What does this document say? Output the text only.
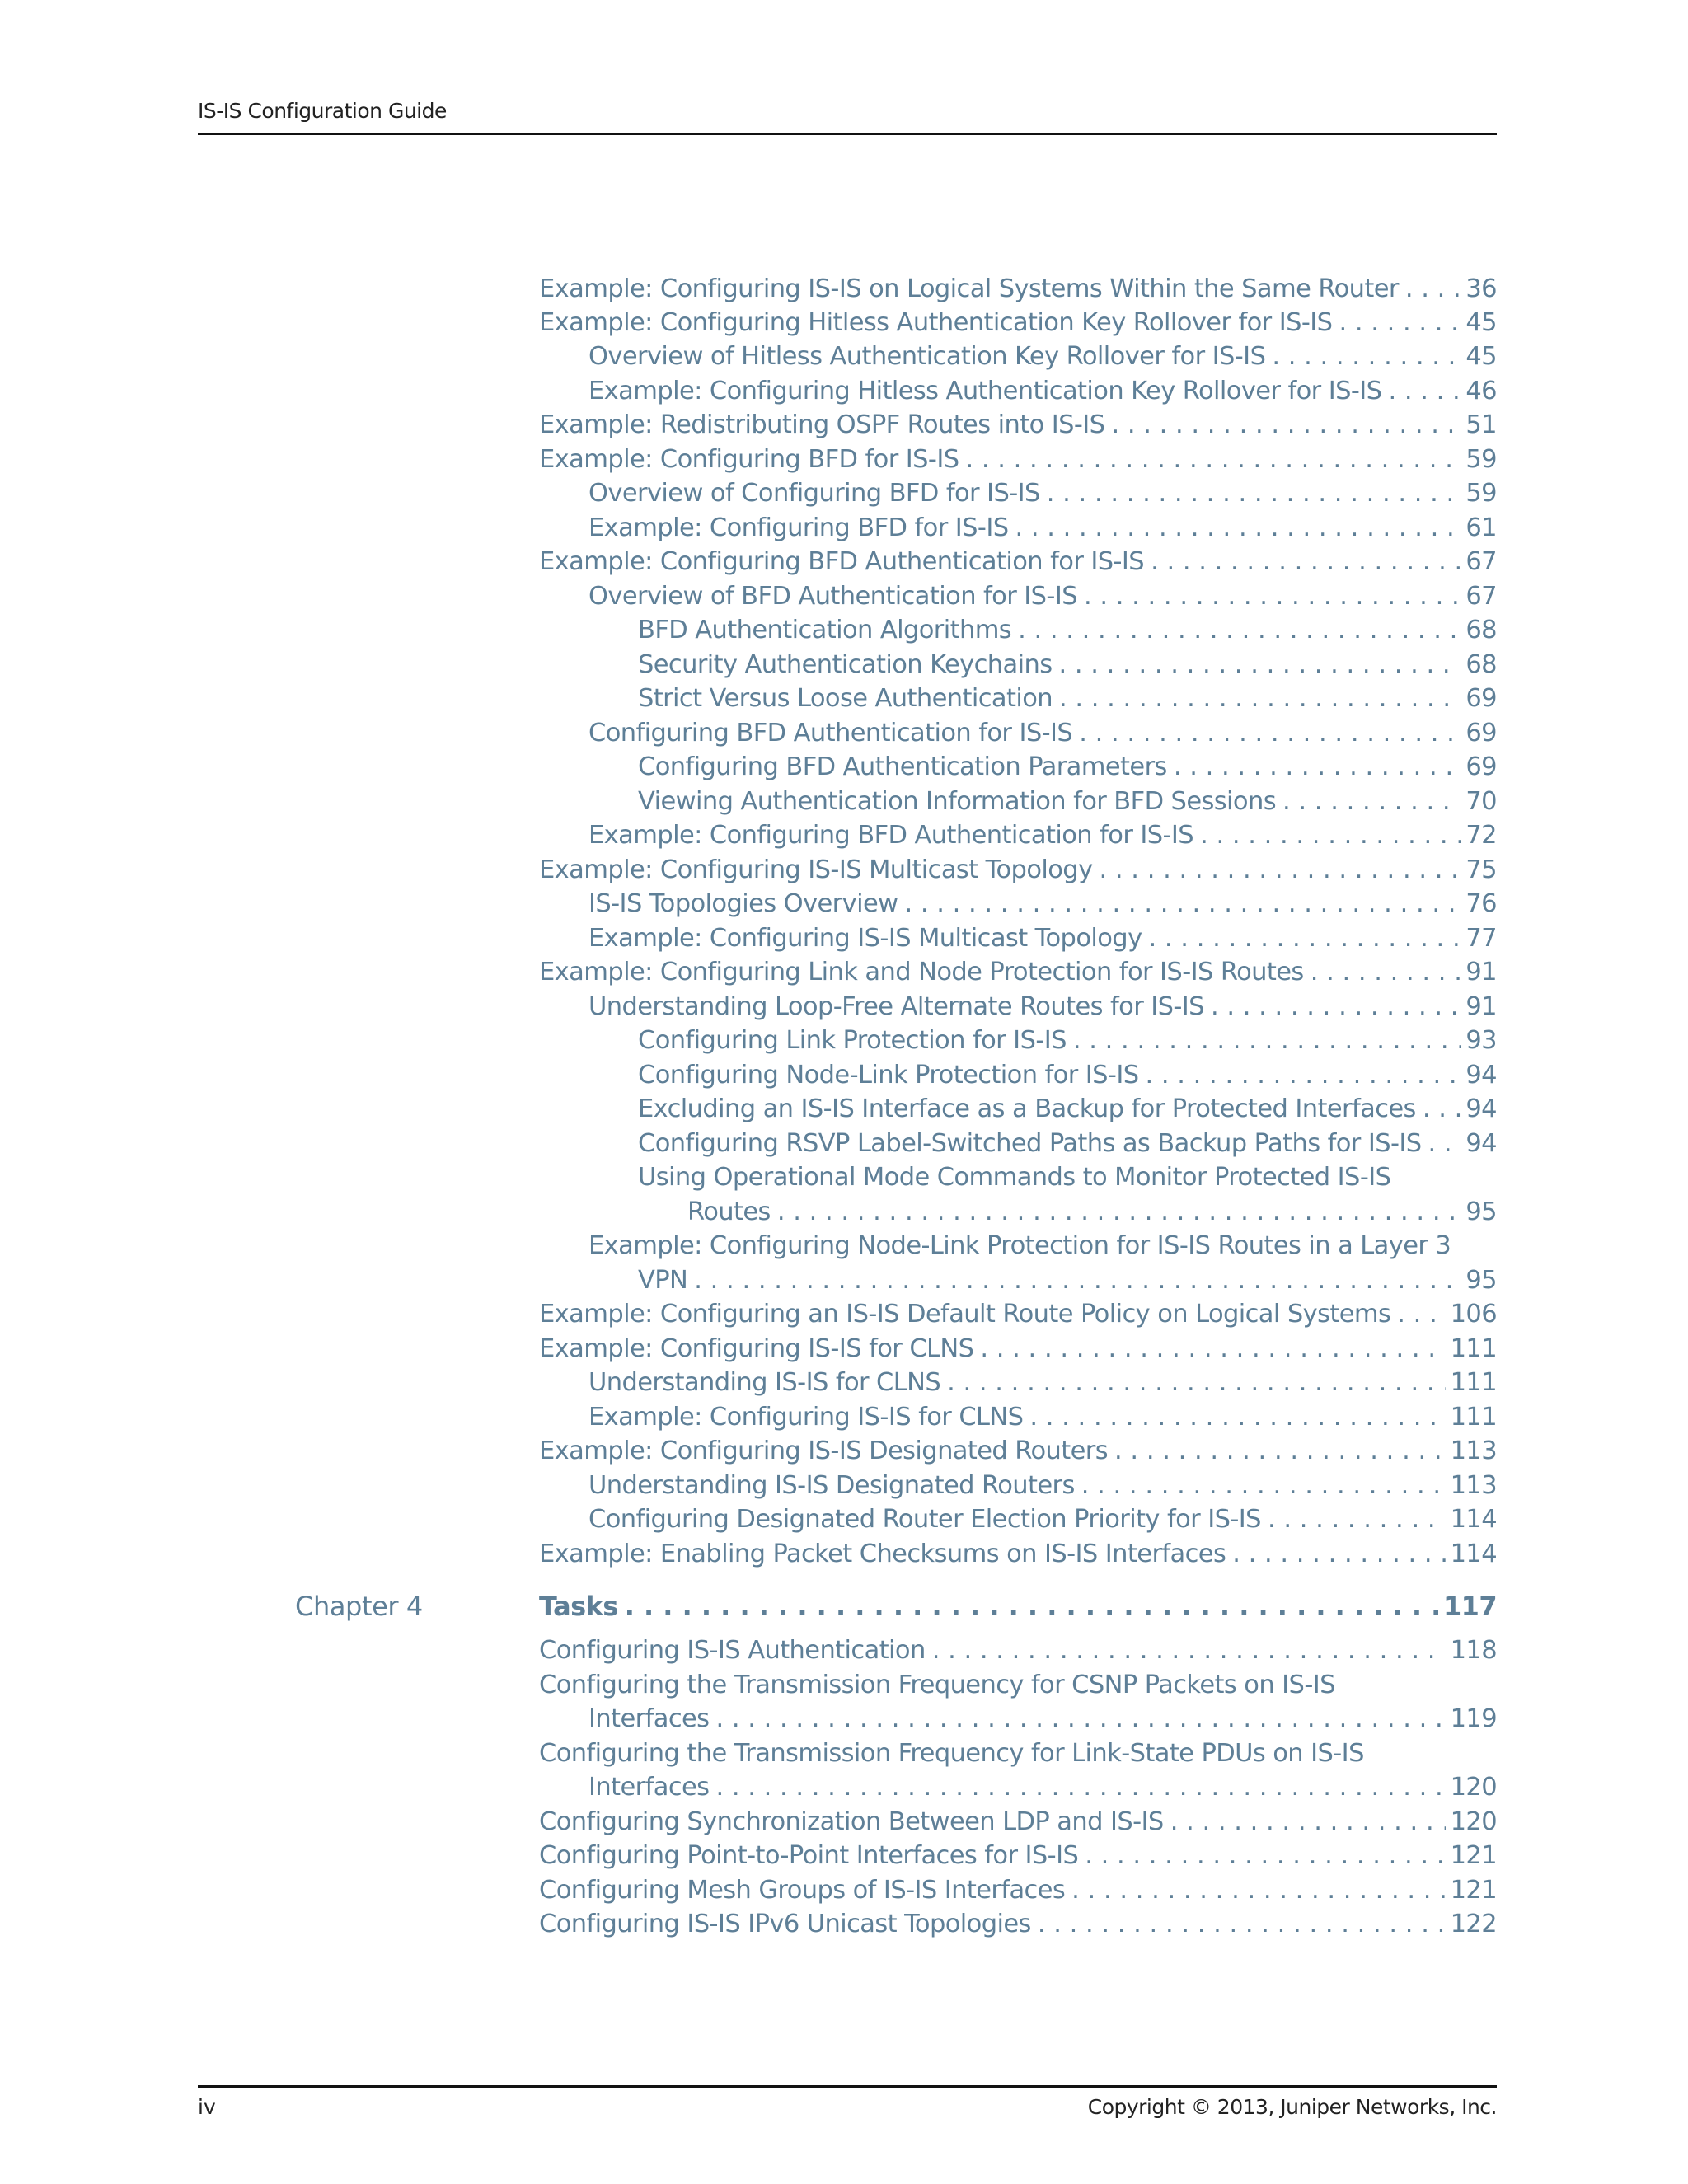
IS-IS Configuration Guide
Example: Configuring IS-IS on Logical Systems Within the Same Router . . .	36
Example: Configuring Hitless Authentication Key Rollover for IS-IS . . .	45
Overview of Hitless Authentication Key Rollover for IS-IS . . .	45
Example: Configuring Hitless Authentication Key Rollover for IS-IS . . .	46
Example: Redistributing OSPF Routes into IS-IS . . .	51
Example: Configuring BFD for IS-IS . . .	59
Overview of Configuring BFD for IS-IS . . .	59
Example: Configuring BFD for IS-IS . . .	61
Example: Configuring BFD Authentication for IS-IS . . .	67
Overview of BFD Authentication for IS-IS . . .	67
BFD Authentication Algorithms . . .	68
Security Authentication Keychains . . .	68
Strict Versus Loose Authentication . . .	69
Configuring BFD Authentication for IS-IS . . .	69
Configuring BFD Authentication Parameters . . .	69
Viewing Authentication Information for BFD Sessions . . .	70
Example: Configuring BFD Authentication for IS-IS . . .	72
Example: Configuring IS-IS Multicast Topology . . .	75
IS-IS Topologies Overview . . .	76
Example: Configuring IS-IS Multicast Topology . . .	77
Example: Configuring Link and Node Protection for IS-IS Routes . . .	91
Understanding Loop-Free Alternate Routes for IS-IS . . .	91
Configuring Link Protection for IS-IS . . .	93
Configuring Node-Link Protection for IS-IS . . .	94
Excluding an IS-IS Interface as a Backup for Protected Interfaces . . . 94
Configuring RSVP Label-Switched Paths as Backup Paths for IS-IS . . . 94
Using Operational Mode Commands to Monitor Protected IS-IS
Routes . . .	95
Example: Configuring Node-Link Protection for IS-IS Routes in a Layer 3
VPN . . .	95
Example: Configuring an IS-IS Default Route Policy on Logical Systems . . . 106
Example: Configuring IS-IS for CLNS . . .	111
Understanding IS-IS for CLNS . . .	111
Example: Configuring IS-IS for CLNS . . .	111
Example: Configuring IS-IS Designated Routers . . .	113
Understanding IS-IS Designated Routers . . .	113
Configuring Designated Router Election Priority for IS-IS . . .	114
Example: Enabling Packet Checksums on IS-IS Interfaces . . .	114
Chapter 4	Tasks . . .	117
Configuring IS-IS Authentication . . .	118
Configuring the Transmission Frequency for CSNP Packets on IS-IS
Interfaces . . .	119
Configuring the Transmission Frequency for Link-State PDUs on IS-IS
Interfaces . . .	120
Configuring Synchronization Between LDP and IS-IS . . .	120
Configuring Point-to-Point Interfaces for IS-IS . . .	121
Configuring Mesh Groups of IS-IS Interfaces . . .	121
Configuring IS-IS IPv6 Unicast Topologies . . .	122
iv	Copyright © 2013, Juniper Networks, Inc.
